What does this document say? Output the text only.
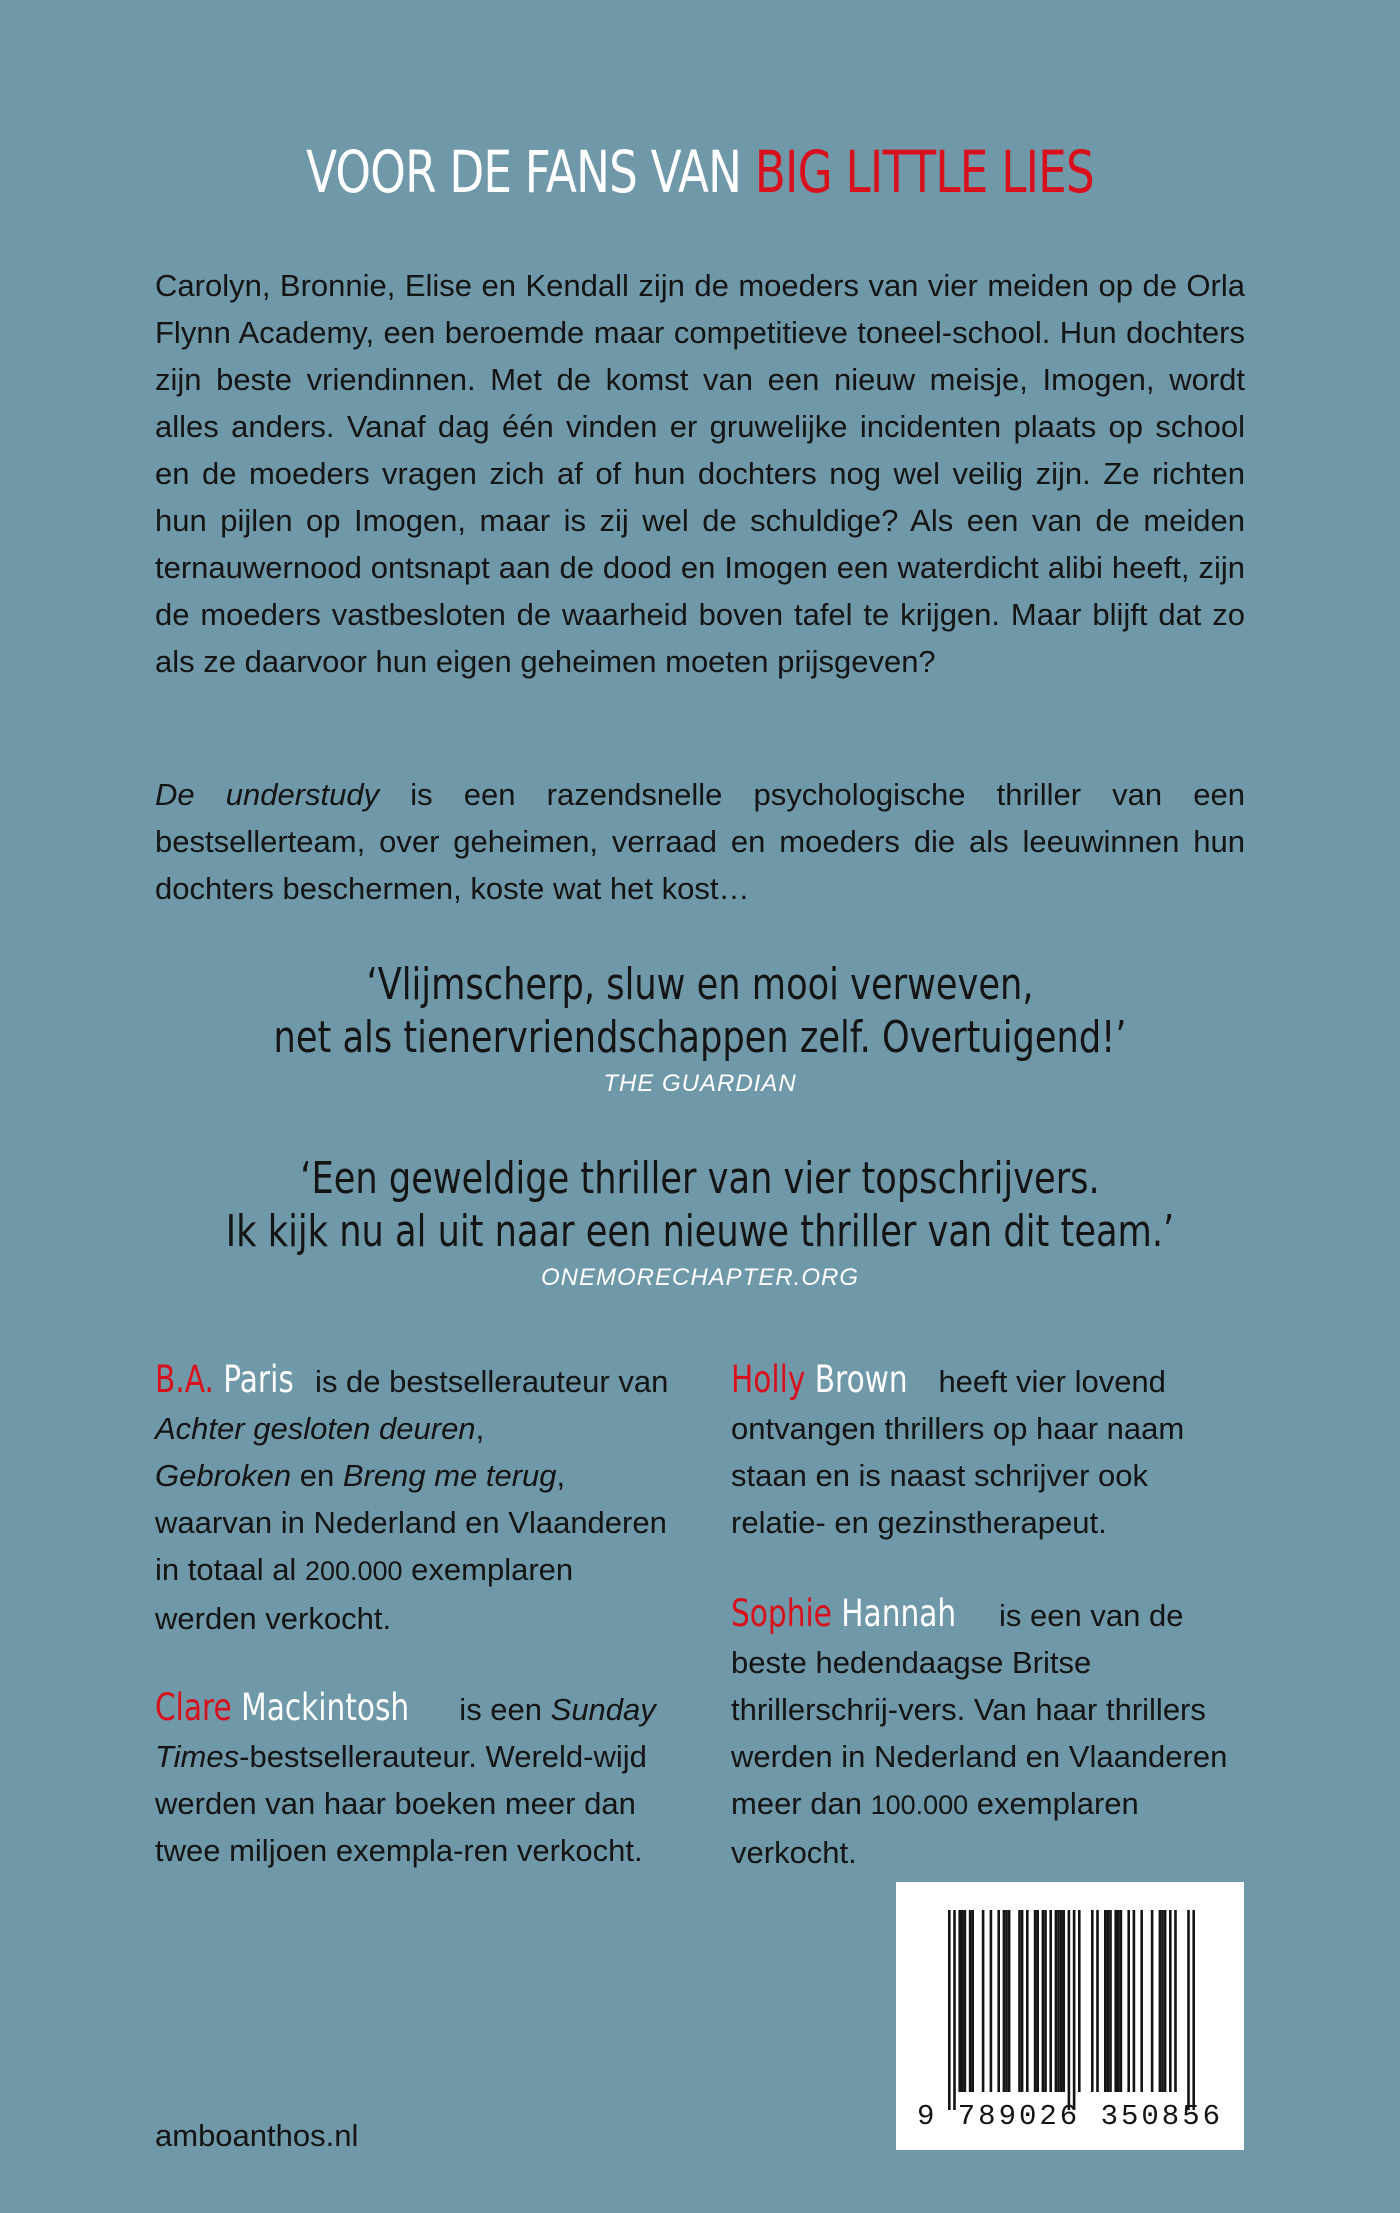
VOOR DE FANS VAN BIG LITTLE LIES

Carolyn, Bronnie, Elise en Kendall zijn de moeders van vier meiden op de Orla Flynn Academy, een beroemde maar competitieve toneel-school. Hun dochters zijn beste vriendinnen. Met de komst van een nieuw meisje, Imogen, wordt alles anders. Vanaf dag één vinden er gruwelijke incidenten plaats op school en de moeders vragen zich af of hun dochters nog wel veilig zijn. Ze richten hun pijlen op Imogen, maar is zij wel de schuldige? Als een van de meiden ternauwernood ontsnapt aan de dood en Imogen een waterdicht alibi heeft, zijn de moeders vastbesloten de waarheid boven tafel te krijgen. Maar blijft dat zo als ze daarvoor hun eigen geheimen moeten prijsgeven?

De understudy is een razendsnelle psychologische thriller van een bestsellerteam, over geheimen, verraad en moeders die als leeuwinnen hun dochters beschermen, koste wat het kost…

‘Vlijmscherp, sluw en mooi verweven,
net als tienervriendschappen zelf. Overtuigend!’
THE GUARDIAN
‘Een geweldige thriller van vier topschrijvers.
Ik kijk nu al uit naar een nieuwe thriller van dit team.’
ONEMORECHAPTER.ORG

B.A. Paris is de bestsellerauteur van Achter gesloten deuren,
Gebroken en Breng me terug, waarvan in Nederland en Vlaanderen in totaal al 200.000 exemplaren werden verkocht.

Clare Mackintosh is een Sunday Times-bestsellerauteur. Wereld-wijd werden van haar boeken meer dan twee miljoen exempla-ren verkocht.

Holly Brown heeft vier lovend ontvangen thrillers op haar naam staan en is naast schrijver ook relatie- en gezinstherapeut.

Sophie Hannah is een van de beste hedendaagse Britse thrillerschrij-vers. Van haar thrillers werden in Nederland en Vlaanderen meer dan 100.000 exemplaren verkocht.

9 789026 350856
amboanthos.nl
